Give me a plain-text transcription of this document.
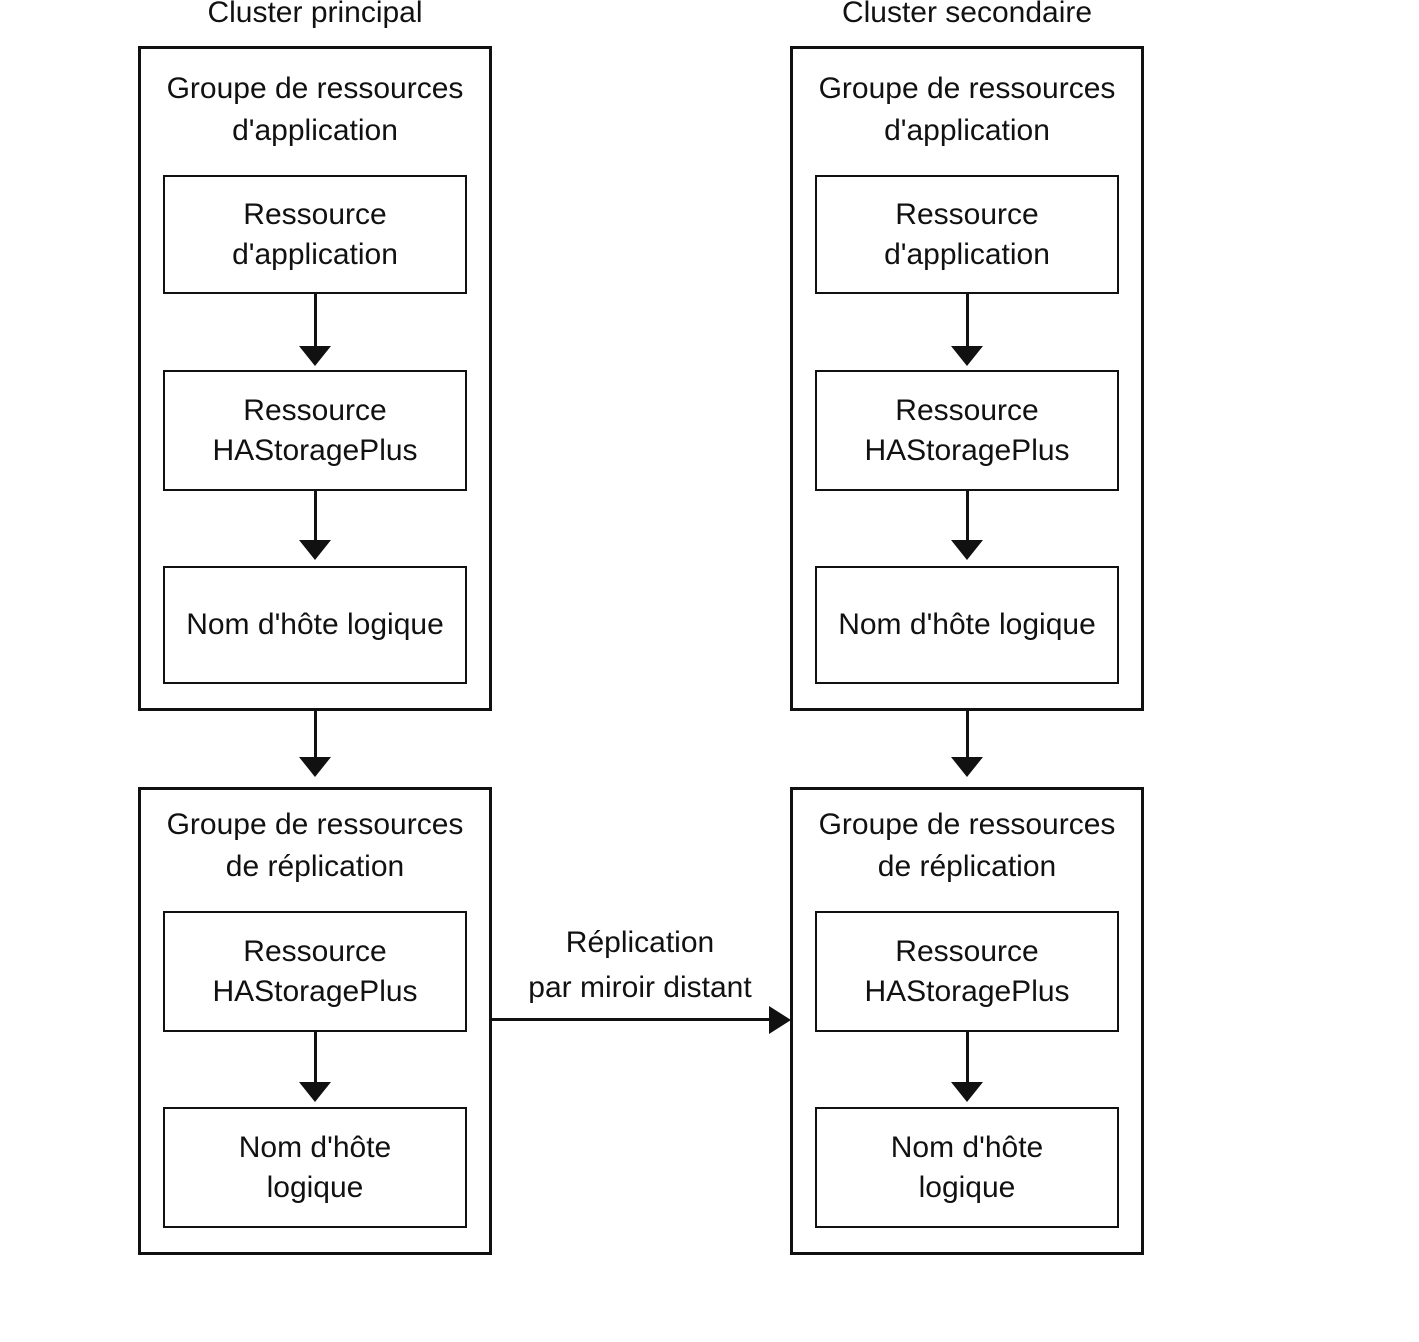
Cluster principal
Groupe de ressources
d'application
Ressource
d'application
Ressource
HAStoragePlus
Nom d'hôte logique
Groupe de ressources
de réplication
Ressource
HAStoragePlus
Nom d'hôte
logique
Cluster secondaire
Groupe de ressources
d'application
Ressource
d'application
Ressource
HAStoragePlus
Nom d'hôte logique
Groupe de ressources
de réplication
Ressource
HAStoragePlus
Nom d'hôte
logique
Réplication
par miroir distant
